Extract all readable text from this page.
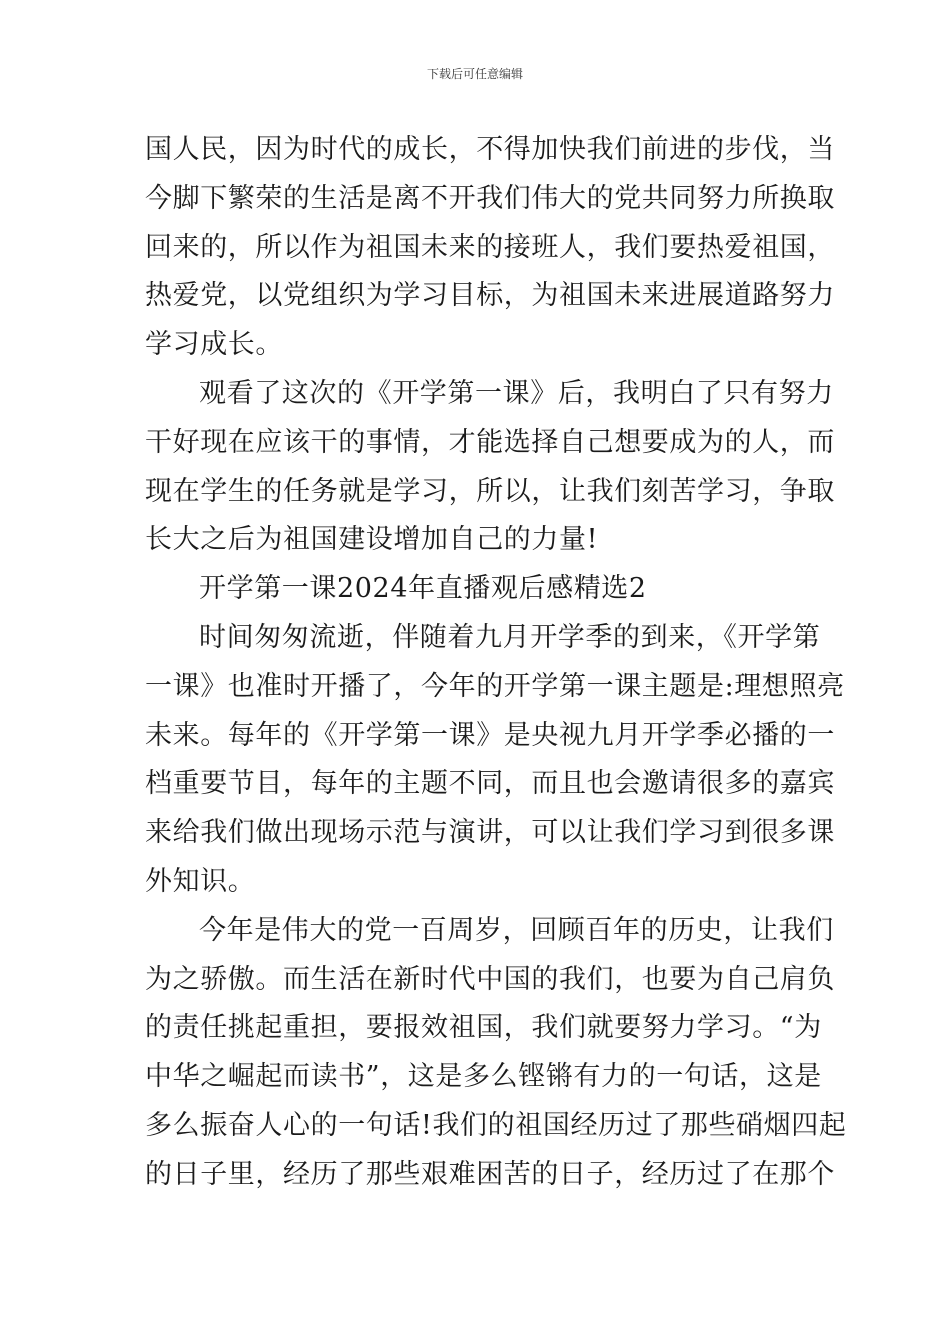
下载后可任意编辑
国人民，因为时代的成长，不得加快我们前进的步伐，当
今脚下繁荣的生活是离不开我们伟大的党共同努力所换取
回来的，所以作为祖国未来的接班人，我们要热爱祖国，
热爱党，以党组织为学习目标，为祖国未来进展道路努力
学习成长。
观看了这次的《开学第一课》后，我明白了只有努力
干好现在应该干的事情，才能选择自己想要成为的人，而
现在学生的任务就是学习，所以，让我们刻苦学习，争取
长大之后为祖国建设增加自己的力量!
开学第一课2024年直播观后感精选2
时间匆匆流逝，伴随着九月开学季的到来，《开学第
一课》也准时开播了，今年的开学第一课主题是:理想照亮
未来。每年的《开学第一课》是央视九月开学季必播的一
档重要节目，每年的主题不同，而且也会邀请很多的嘉宾
来给我们做出现场示范与演讲，可以让我们学习到很多课
外知识。
今年是伟大的党一百周岁，回顾百年的历史，让我们
为之骄傲。而生活在新时代中国的我们，也要为自己肩负
的责任挑起重担，要报效祖国，我们就要努力学习。“为
中华之崛起而读书”，这是多么铿锵有力的一句话，这是
多么振奋人心的一句话!我们的祖国经历过了那些硝烟四起
的日子里，经历了那些艰难困苦的日子，经历过了在那个
